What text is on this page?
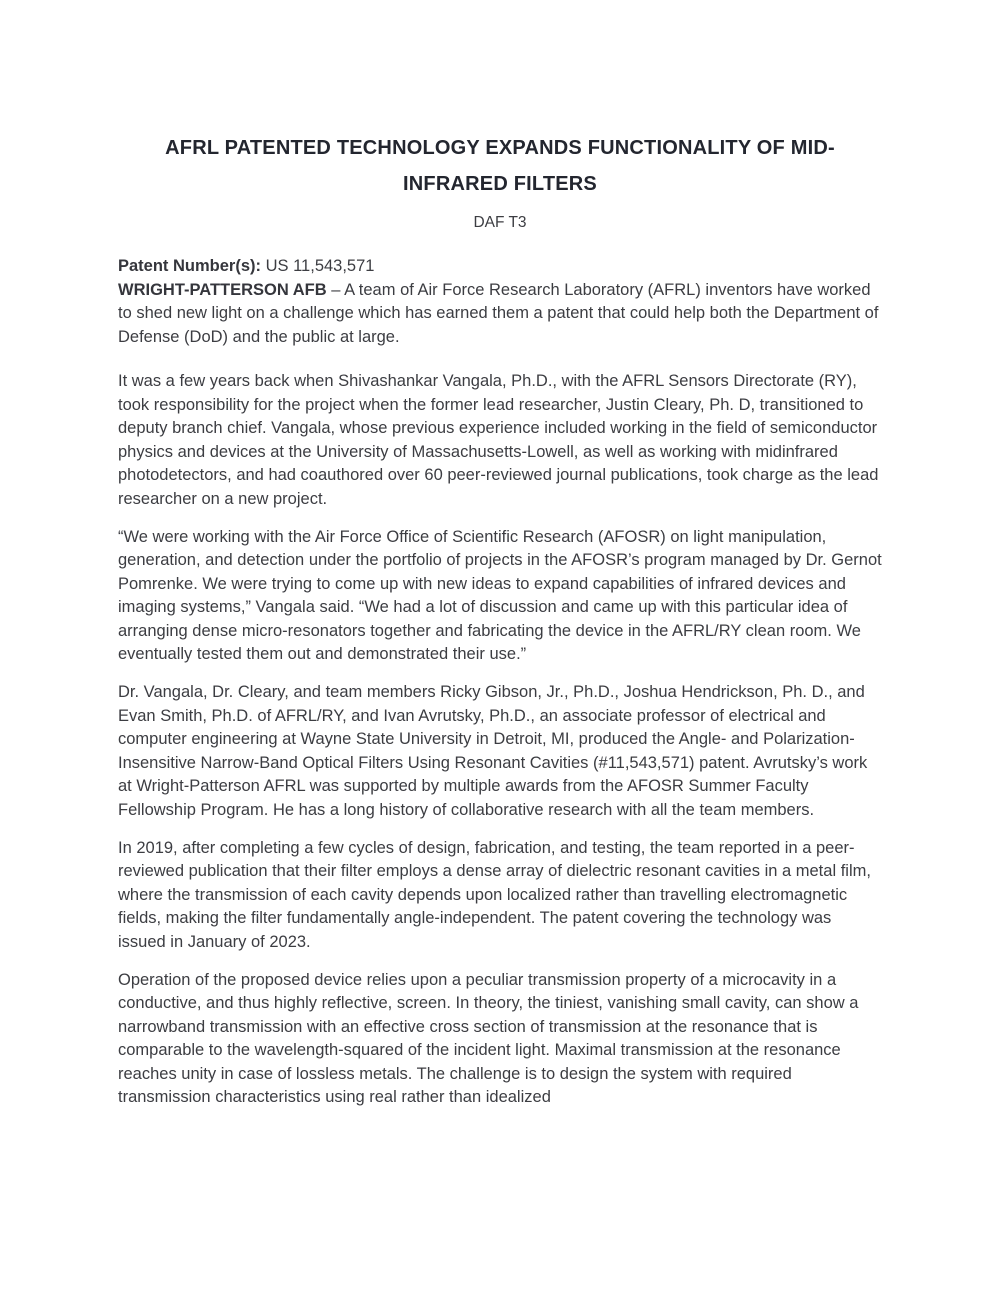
AFRL PATENTED TECHNOLOGY EXPANDS FUNCTIONALITY OF MID-INFRARED FILTERS
DAF T3

Patent Number(s): US 11,543,571
WRIGHT-PATTERSON AFB – A team of Air Force Research Laboratory (AFRL) inventors have worked to shed new light on a challenge which has earned them a patent that could help both the Department of Defense (DoD) and the public at large.

It was a few years back when Shivashankar Vangala, Ph.D., with the AFRL Sensors Directorate (RY), took responsibility for the project when the former lead researcher, Justin Cleary, Ph. D, transitioned to deputy branch chief. Vangala, whose previous experience included working in the field of semiconductor physics and devices at the University of Massachusetts-Lowell, as well as working with midinfrared photodetectors, and had coauthored over 60 peer-reviewed journal publications, took charge as the lead researcher on a new project.

“We were working with the Air Force Office of Scientific Research (AFOSR) on light manipulation, generation, and detection under the portfolio of projects in the AFOSR’s program managed by Dr. Gernot Pomrenke. We were trying to come up with new ideas to expand capabilities of infrared devices and imaging systems,” Vangala said. “We had a lot of discussion and came up with this particular idea of arranging dense micro-resonators together and fabricating the device in the AFRL/RY clean room. We eventually tested them out and demonstrated their use.”

Dr. Vangala, Dr. Cleary, and team members Ricky Gibson, Jr., Ph.D., Joshua Hendrickson, Ph. D., and Evan Smith, Ph.D. of AFRL/RY, and Ivan Avrutsky, Ph.D., an associate professor of electrical and computer engineering at Wayne State University in Detroit, MI, produced the Angle- and Polarization-Insensitive Narrow-Band Optical Filters Using Resonant Cavities (#11,543,571) patent. Avrutsky’s work at Wright-Patterson AFRL was supported by multiple awards from the AFOSR Summer Faculty Fellowship Program. He has a long history of collaborative research with all the team members.

In 2019, after completing a few cycles of design, fabrication, and testing, the team reported in a peer-reviewed publication that their filter employs a dense array of dielectric resonant cavities in a metal film, where the transmission of each cavity depends upon localized rather than travelling electromagnetic fields, making the filter fundamentally angle-independent. The patent covering the technology was issued in January of 2023.

Operation of the proposed device relies upon a peculiar transmission property of a microcavity in a conductive, and thus highly reflective, screen. In theory, the tiniest, vanishing small cavity, can show a narrowband transmission with an effective cross section of transmission at the resonance that is comparable to the wavelength-squared of the incident light. Maximal transmission at the resonance reaches unity in case of lossless metals. The challenge is to design the system with required transmission characteristics using real rather than idealized
